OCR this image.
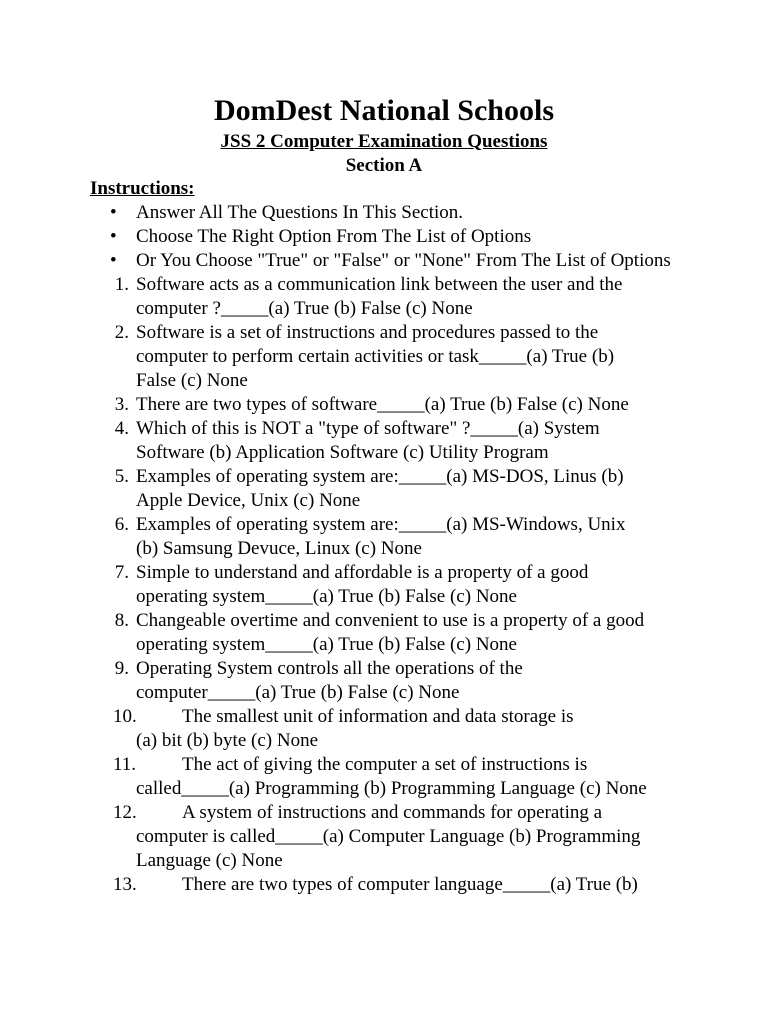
DomDest National Schools
JSS 2 Computer Examination Questions
Section A
Instructions:
• Answer All The Questions In This Section.
• Choose The Right Option From The List of Options
• Or You Choose "True" or "False" or "None" From The List of Options
1. Software acts as a communication link between the user and the
computer ?_____(a) True (b) False (c) None
2. Software is a set of instructions and procedures passed to the
computer to perform certain activities or task_____(a) True (b)
False (c) None
3. There are two types of software_____(a) True (b) False (c) None
4. Which of this is NOT a "type of software" ?_____(a) System
Software (b) Application Software (c) Utility Program
5. Examples of operating system are:_____(a) MS-DOS, Linus (b)
Apple Device, Unix (c) None
6. Examples of operating system are:_____(a) MS-Windows, Unix
(b) Samsung Devuce, Linux (c) None
7. Simple to understand and affordable is a property of a good
operating system_____(a) True (b) False (c) None
8. Changeable overtime and convenient to use is a property of a good
operating system_____(a) True (b) False (c) None
9. Operating System controls all the operations of the
computer_____(a) True (b) False (c) None
10.	The smallest unit of information and data storage is
(a) bit (b) byte (c) None
11.	The act of giving the computer a set of instructions is
called_____(a) Programming (b) Programming Language (c) None
12.	A system of instructions and commands for operating a
computer is called_____(a) Computer Language (b) Programming
Language (c) None
13.	There are two types of computer language_____(a) True (b)
